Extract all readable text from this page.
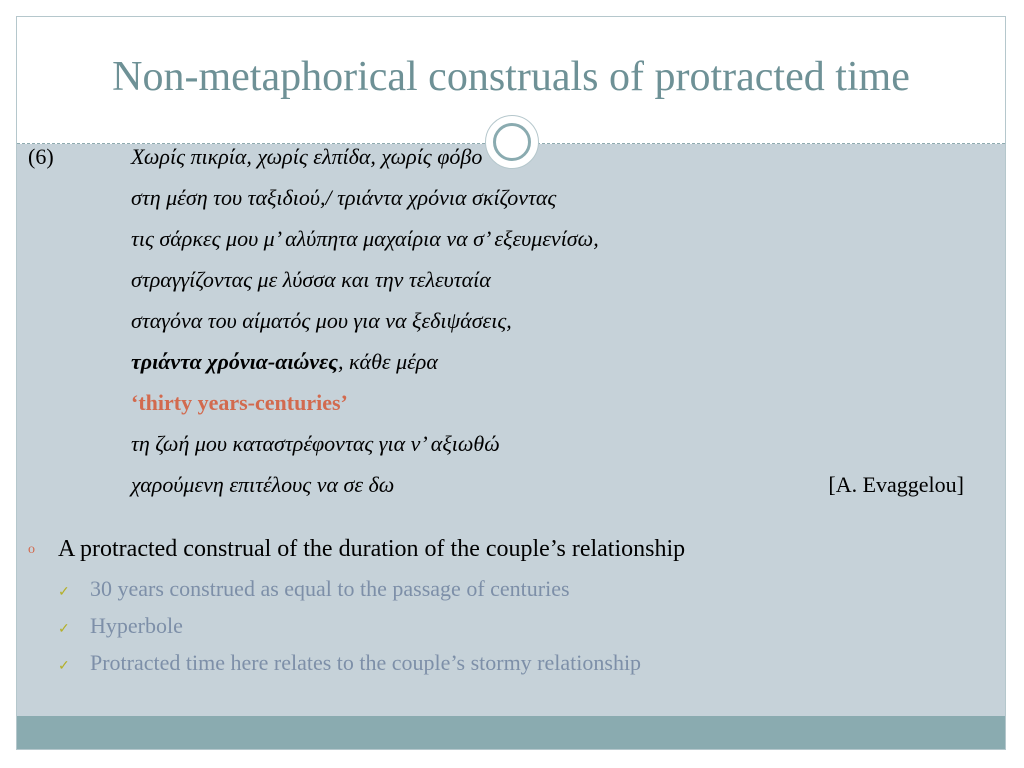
Non-metaphorical construals of protracted time
(6)	Χωρίς πικρία, χωρίς ελπίδα, χωρίς φόβο
στη μέση του ταξιδιού,/ τριάντα χρόνια σκίζοντας
τις σάρκες μου μ’ αλύπητα μαχαίρια να σ’ εξευμενίσω,
στραγγίζοντας με λύσσα και την τελευταία
σταγόνα του αίματός μου για να ξεδιψάσεις,
τριάντα χρόνια-αιώνες, κάθε μέρα
‘thirty years-centuries’
τη ζωή μου καταστρέφοντας για ν’ αξιωθώ
χαρούμενη επιτέλους να σε δω	[A. Evaggelou]
o A protracted construal of the duration of the couple’s relationship
✓ 30 years construed as equal to the passage of centuries
✓ Hyperbole
✓ Protracted time here relates to the couple’s stormy relationship
